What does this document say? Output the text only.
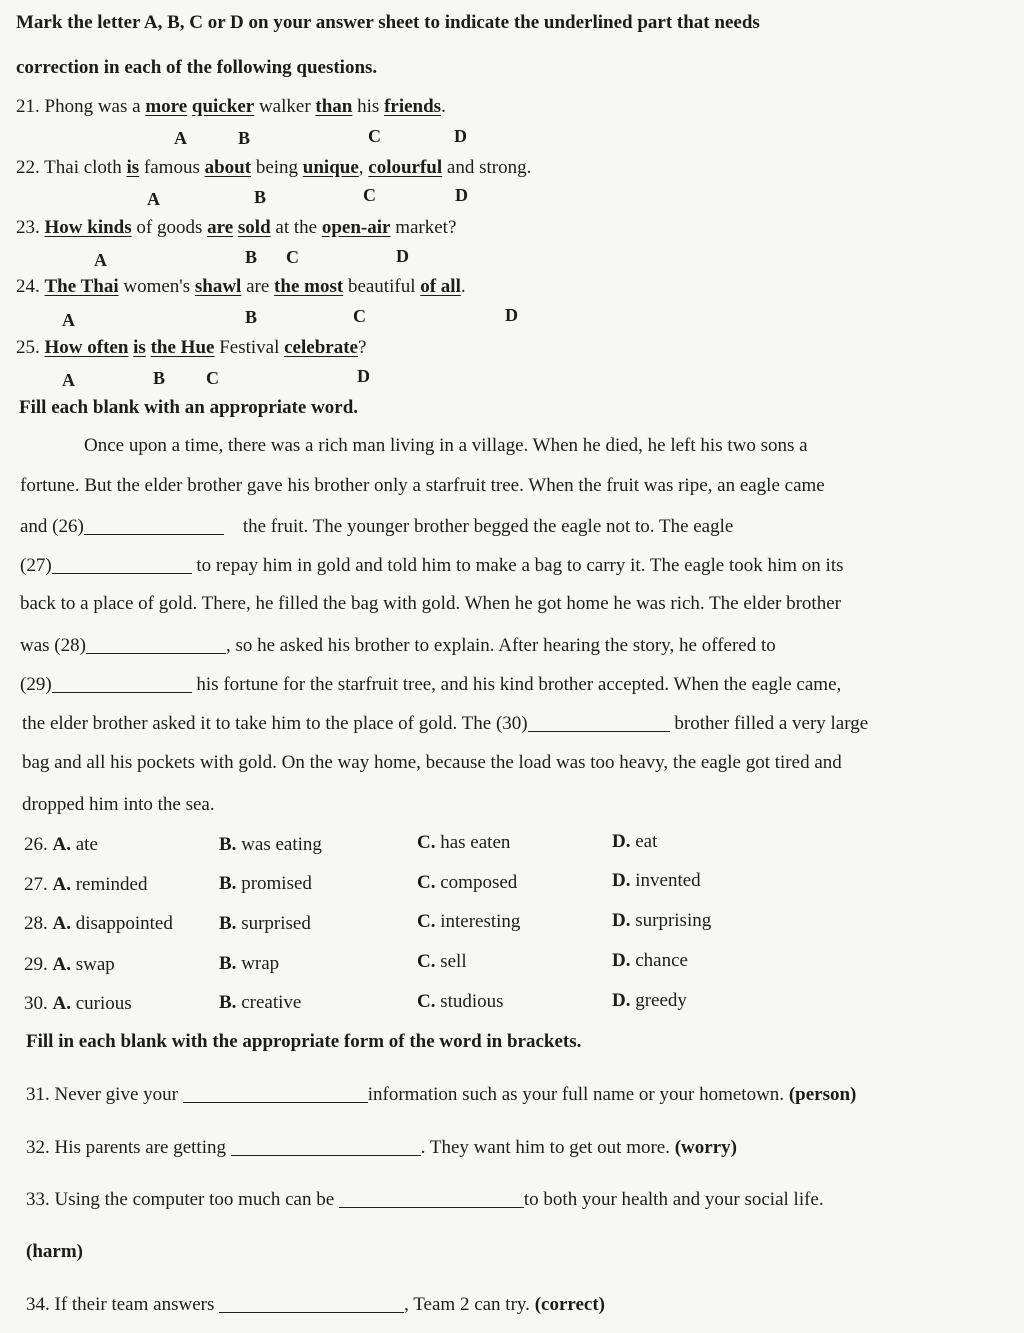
Mark the letter A, B, C or D on your answer sheet to indicate the underlined part that needs
correction in each of the following questions.
21. Phong was a more quicker walker than his friends.
A	B	C	D
22. Thai cloth is famous about being unique, colourful and strong.
A	B	C	D
23. How kinds of goods are sold at the open-air market?
A	B C	D
24. The Thai women's shawl are the most beautiful of all.
A	B	C	D
25. How often is the Hue Festival celebrate?
A	B C	D
Fill each blank with an appropriate word.
Once upon a time, there was a rich man living in a village. When he died, he left his two sons a
fortune. But the elder brother gave his brother only a starfruit tree. When the fruit was ripe, an eagle came
and (26)	the fruit. The younger brother begged the eagle not to. The eagle
(27)	to repay him in gold and told him to make a bag to carry it. The eagle took him on its
back to a place of gold. There, he filled the bag with gold. When he got home he was rich. The elder brother
was (28)	, so he asked his brother to explain. After hearing the story, he offered to
(29)	his fortune for the starfruit tree, and his kind brother accepted. When the eagle came,
the elder brother asked it to take him to the place of gold. The (30)	brother filled a very large
bag and all his pockets with gold. On the way home, because the load was too heavy, the eagle got tired and
dropped him into the sea.
26. A. ate	B. was eating	C. has eaten	D. eat
27. A. reminded	B. promised	C. composed	D. invented
28. A. disappointed B. surprised	C. interesting	D. surprising
29. A. swap	B. wrap	C. sell	D. chance
30. A. curious	B. creative	C. studious	D. greedy
Fill in each blank with the appropriate form of the word in brackets.
31. Never give your	information such as your full name or your hometown. (person)
32. His parents are getting	. They want him to get out more. (worry)
33. Using the computer too much can be	to both your health and your social life.
(harm)
34. If their team answers	, Team 2 can try. (correct)
